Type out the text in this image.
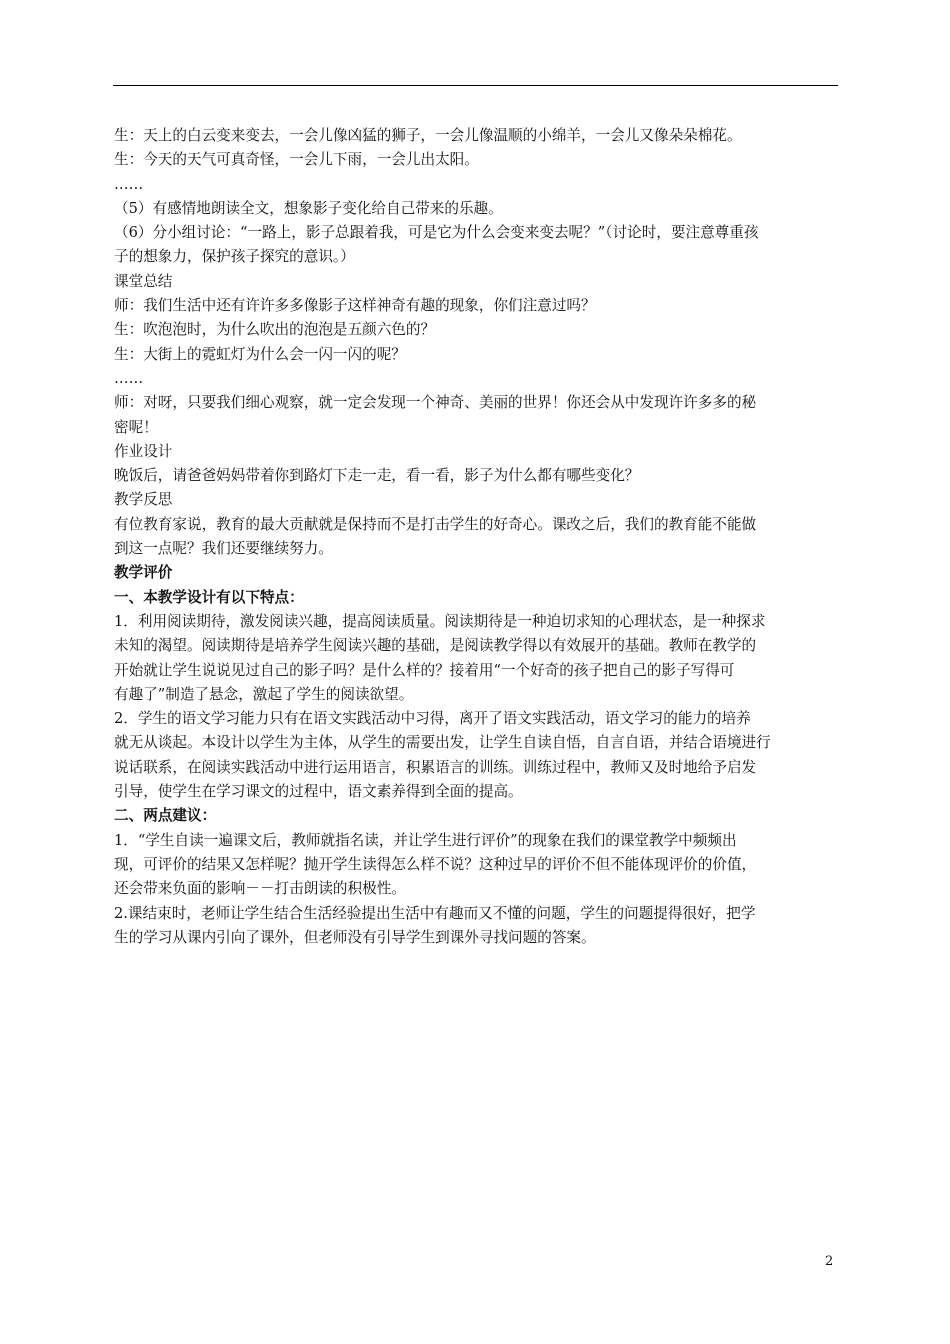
生：天上的白云变来变去，一会儿像凶猛的狮子，一会儿像温顺的小绵羊，一会儿又像朵朵棉花。
生：今天的天气可真奇怪，一会儿下雨，一会儿出太阳。
……
（5）有感情地朗读全文，想象影子变化给自己带来的乐趣。
（6）分小组讨论：“一路上，影子总跟着我，可是它为什么会变来变去呢？”（讨论时，要注意尊重孩
子的想象力，保护孩子探究的意识。）
课堂总结
师：我们生活中还有许许多多像影子这样神奇有趣的现象，你们注意过吗？
生：吹泡泡时，为什么吹出的泡泡是五颜六色的？
生：大街上的霓虹灯为什么会一闪一闪的呢？
……
师：对呀，只要我们细心观察，就一定会发现一个神奇、美丽的世界！你还会从中发现许许多多的秘
密呢！
作业设计
晚饭后，请爸爸妈妈带着你到路灯下走一走，看一看，影子为什么都有哪些变化？
教学反思
有位教育家说，教育的最大贡献就是保持而不是打击学生的好奇心。课改之后，我们的教育能不能做
到这一点呢？我们还要继续努力。
教学评价
一、本教学设计有以下特点：
1．利用阅读期待，激发阅读兴趣，提高阅读质量。阅读期待是一种迫切求知的心理状态，是一种探求
未知的渴望。阅读期待是培养学生阅读兴趣的基础，是阅读教学得以有效展开的基础。教师在教学的
开始就让学生说说见过自己的影子吗？是什么样的？接着用“一个好奇的孩子把自己的影子写得可
有趣了”制造了悬念，激起了学生的阅读欲望。
2．学生的语文学习能力只有在语文实践活动中习得，离开了语文实践活动，语文学习的能力的培养
就无从谈起。本设计以学生为主体，从学生的需要出发，让学生自读自悟，自言自语，并结合语境进行
说话联系，在阅读实践活动中进行运用语言，积累语言的训练。训练过程中，教师又及时地给予启发
引导，使学生在学习课文的过程中，语文素养得到全面的提高。
二、两点建议：
1．“学生自读一遍课文后，教师就指名读，并让学生进行评价”的现象在我们的课堂教学中频频出
现，可评价的结果又怎样呢？抛开学生读得怎么样不说？这种过早的评价不但不能体现评价的价值，
还会带来负面的影响－－打击朗读的积极性。
2.课结束时，老师让学生结合生活经验提出生活中有趣而又不懂的问题，学生的问题提得很好，把学
生的学习从课内引向了课外，但老师没有引导学生到课外寻找问题的答案。
2
